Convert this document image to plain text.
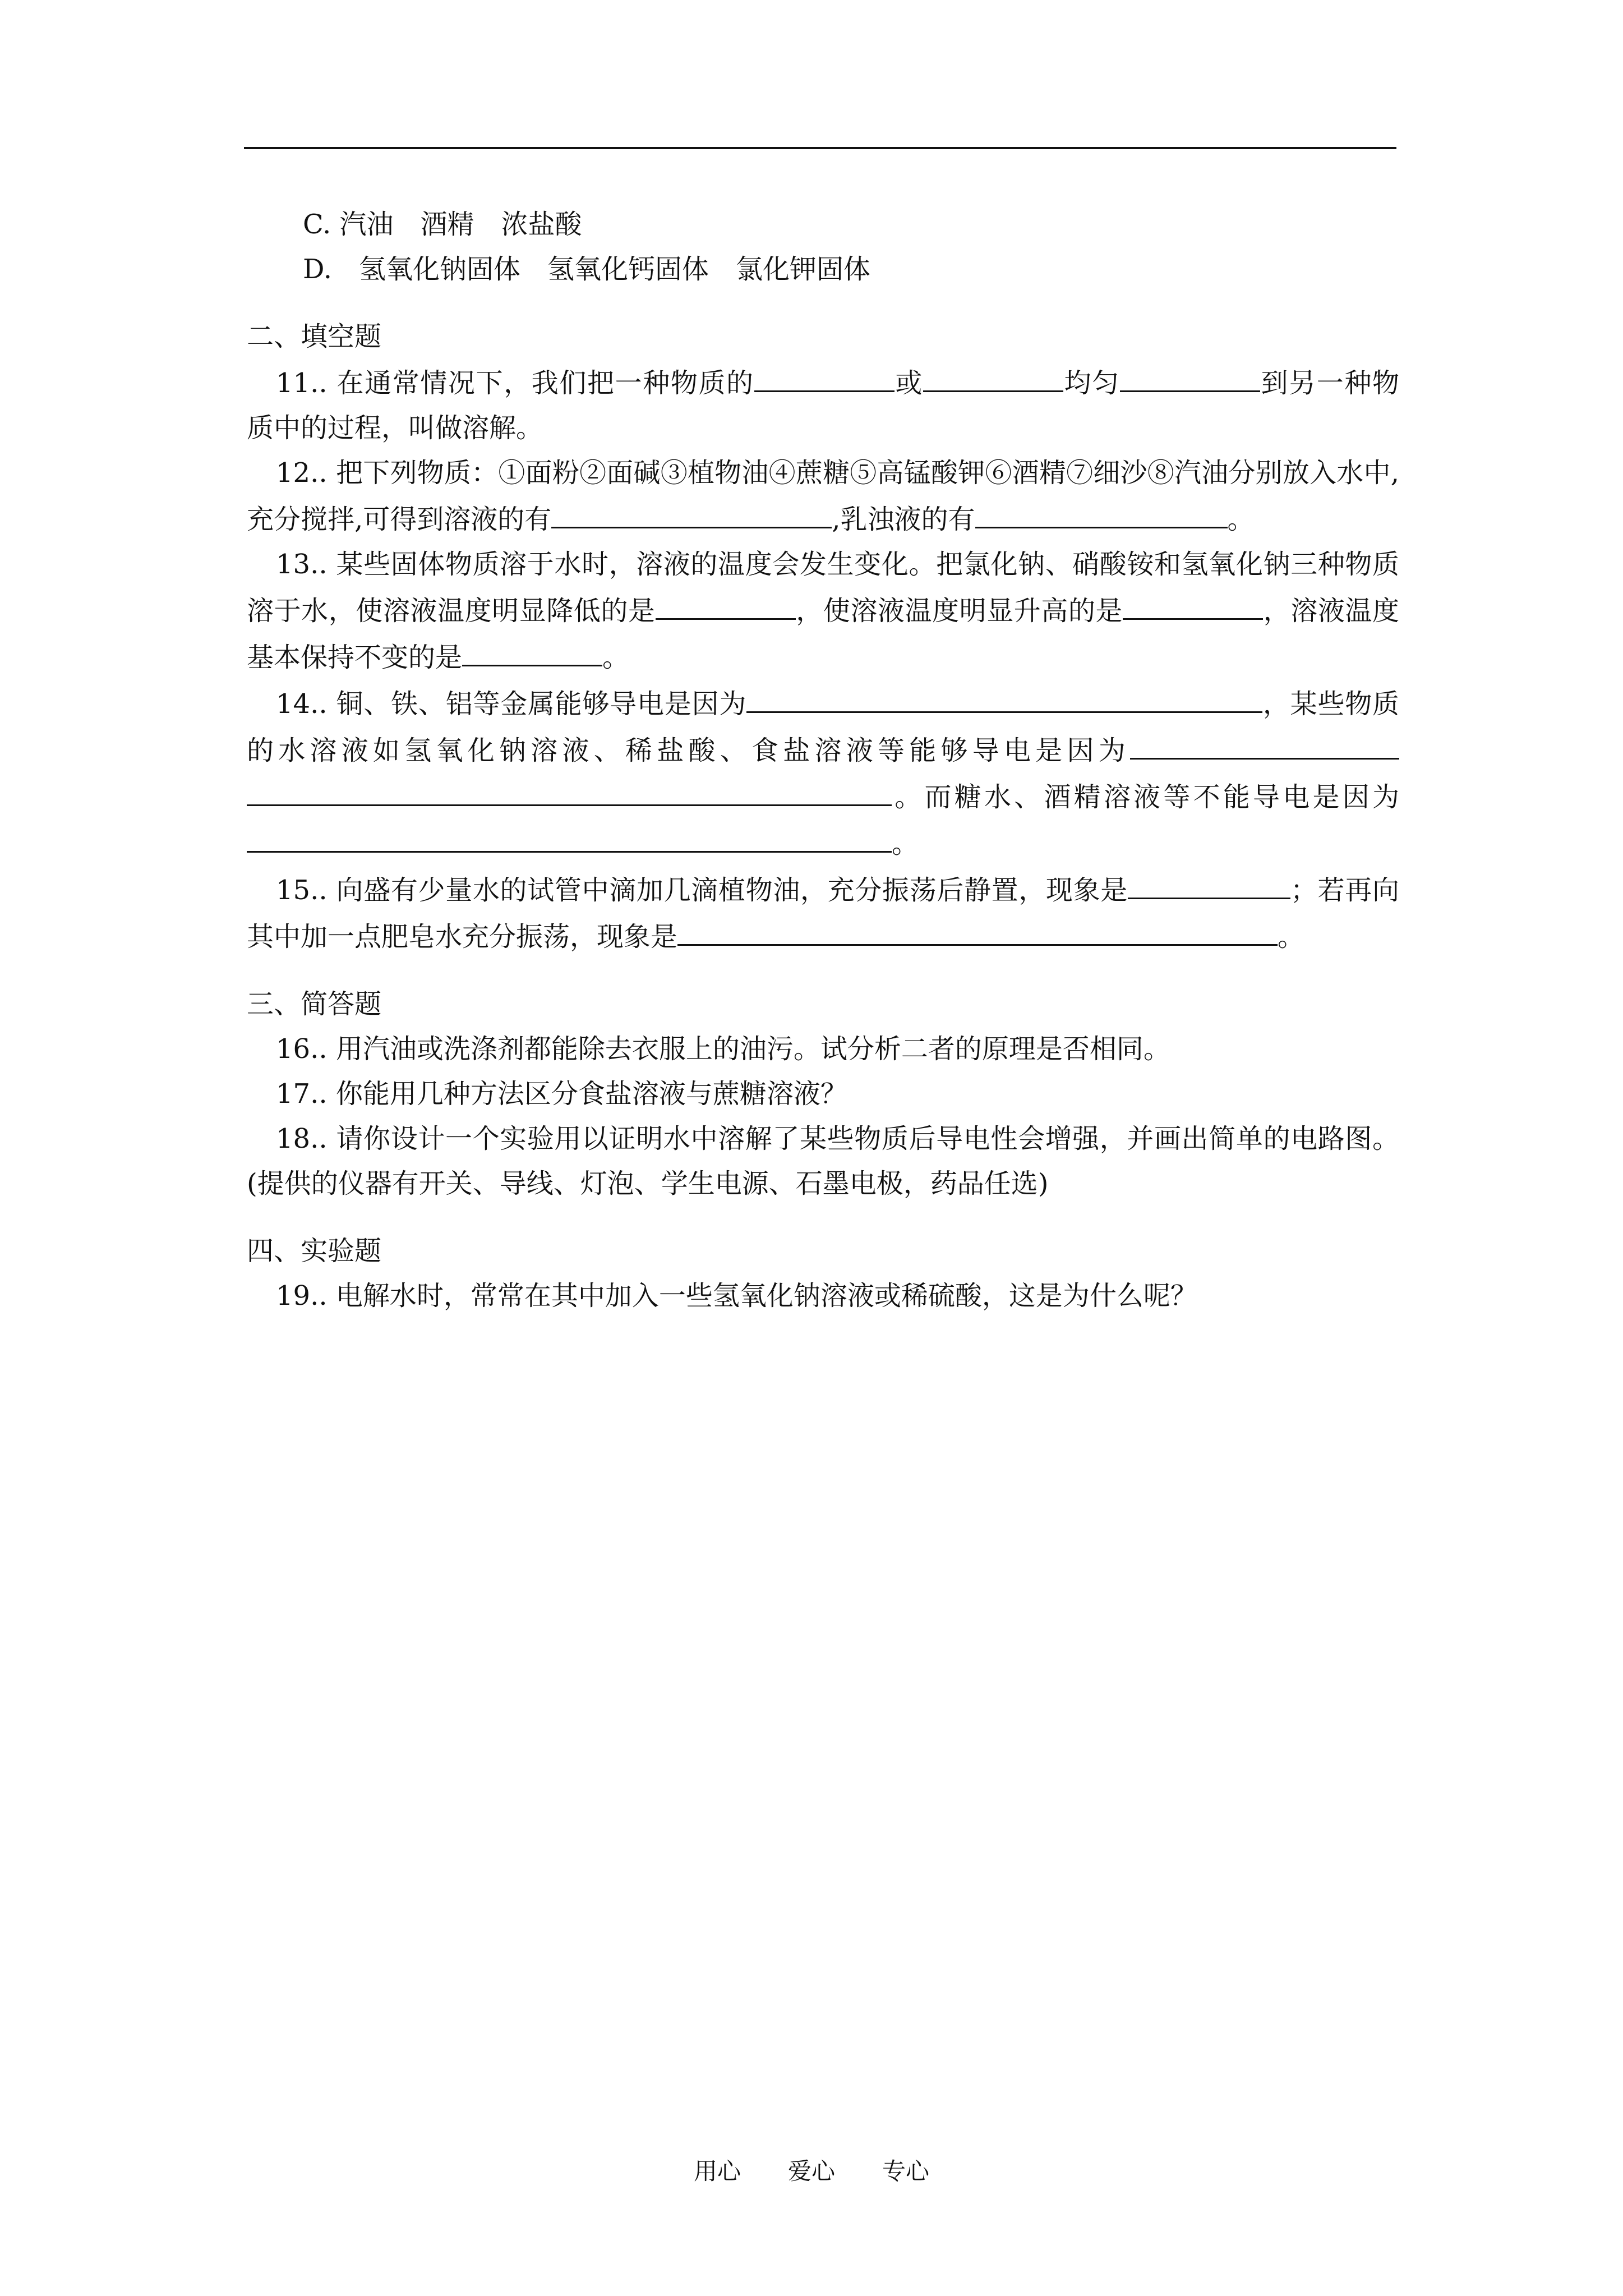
C. 汽油　酒精　浓盐酸
D.　氢氧化钠固体　氢氧化钙固体　氯化钾固体
二、填空题
11.. 在通常情况下，我们把一种物质的	或	均匀	到另一种物质中的过程，叫做溶解。
12.. 把下列物质：①面粉②面碱③植物油④蔗糖⑤高锰酸钾⑥酒精⑦细沙⑧汽油分别放入水中,充分搅拌,可得到溶液的有	,乳浊液的有	。
13.. 某些固体物质溶于水时，溶液的温度会发生变化。把氯化钠、硝酸铵和氢氧化钠三种物质溶于水，使溶液温度明显降低的是	，使溶液温度明显升高的是	，溶液温度基本保持不变的是	。
14.. 铜、铁、铝等金属能够导电是因为	，某些物质的水溶液如氢氧化钠溶液、稀盐酸、食盐溶液等能够导电是因为。而糖水、酒精溶液等不能导电是因为。
15.. 向盛有少量水的试管中滴加几滴植物油，充分振荡后静置，现象是	；若再向其中加一点肥皂水充分振荡，现象是	。
三、简答题
16.. 用汽油或洗涤剂都能除去衣服上的油污。试分析二者的原理是否相同。
17.. 你能用几种方法区分食盐溶液与蔗糖溶液？
18.. 请你设计一个实验用以证明水中溶解了某些物质后导电性会增强，并画出简单的电路图。(提供的仪器有开关、导线、灯泡、学生电源、石墨电极，药品任选)
四、实验题
19.. 电解水时，常常在其中加入一些氢氧化钠溶液或稀硫酸，这是为什么呢？
用心　　爱心　　专心
